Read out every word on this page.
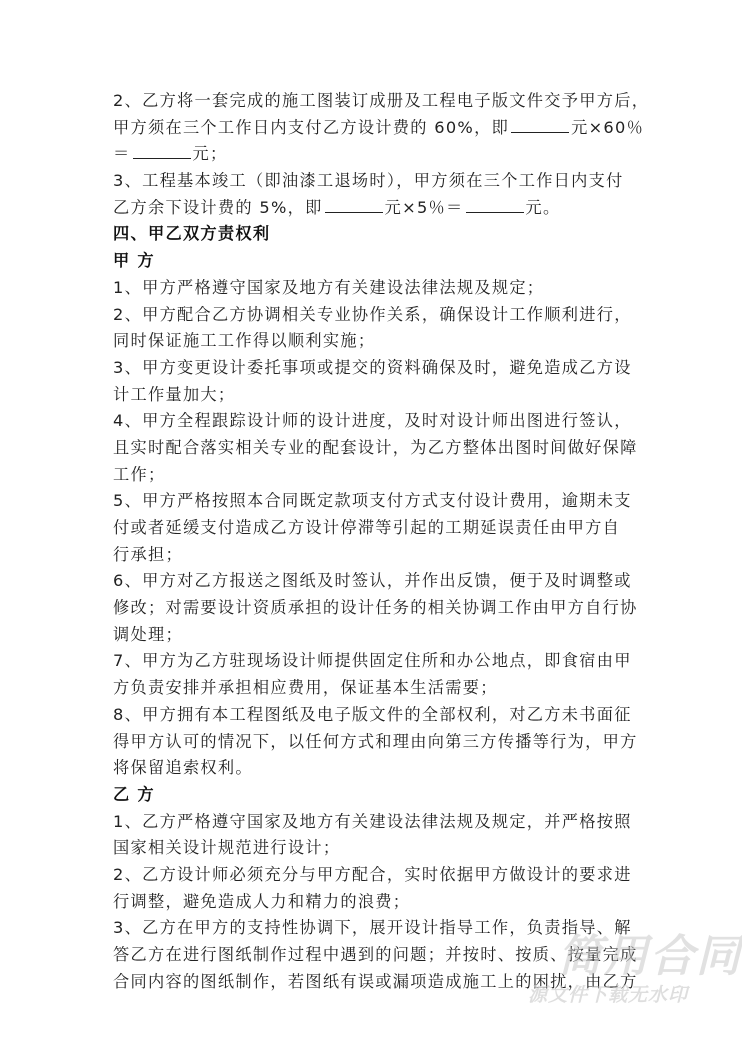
2、乙方将一套完成的施工图装订成册及工程电子版文件交予甲方后，
甲方须在三个工作日内支付乙方设计费的 60%，即	元×60％
＝	元；
3、工程基本竣工（即油漆工退场时），甲方须在三个工作日内支付
乙方余下设计费的 5%，即	元×5％＝	元。
四、甲乙双方责权利
甲 方
1、甲方严格遵守国家及地方有关建设法律法规及规定；
2、甲方配合乙方协调相关专业协作关系，确保设计工作顺利进行，
同时保证施工工作得以顺利实施；
3、甲方变更设计委托事项或提交的资料确保及时，避免造成乙方设
计工作量加大；
4、甲方全程跟踪设计师的设计进度，及时对设计师出图进行签认，
且实时配合落实相关专业的配套设计，为乙方整体出图时间做好保障
工作；
5、甲方严格按照本合同既定款项支付方式支付设计费用，逾期未支
付或者延缓支付造成乙方设计停滞等引起的工期延误责任由甲方自
行承担；
6、甲方对乙方报送之图纸及时签认，并作出反馈，便于及时调整或
修改；对需要设计资质承担的设计任务的相关协调工作由甲方自行协
调处理；
7、甲方为乙方驻现场设计师提供固定住所和办公地点，即食宿由甲
方负责安排并承担相应费用，保证基本生活需要；
8、甲方拥有本工程图纸及电子版文件的全部权利，对乙方未书面征
得甲方认可的情况下，以任何方式和理由向第三方传播等行为，甲方
将保留追索权利。
乙 方
1、乙方严格遵守国家及地方有关建设法律法规及规定，并严格按照
国家相关设计规范进行设计；
2、乙方设计师必须充分与甲方配合，实时依据甲方做设计的要求进
行调整，避免造成人力和精力的浪费；
3、乙方在甲方的支持性协调下，展开设计指导工作，负责指导、解
答乙方在进行图纸制作过程中遇到的问题；并按时、按质、按量完成
合同内容的图纸制作，若图纸有误或漏项造成施工上的困扰，由乙方
简用合同
源文件下载无水印
